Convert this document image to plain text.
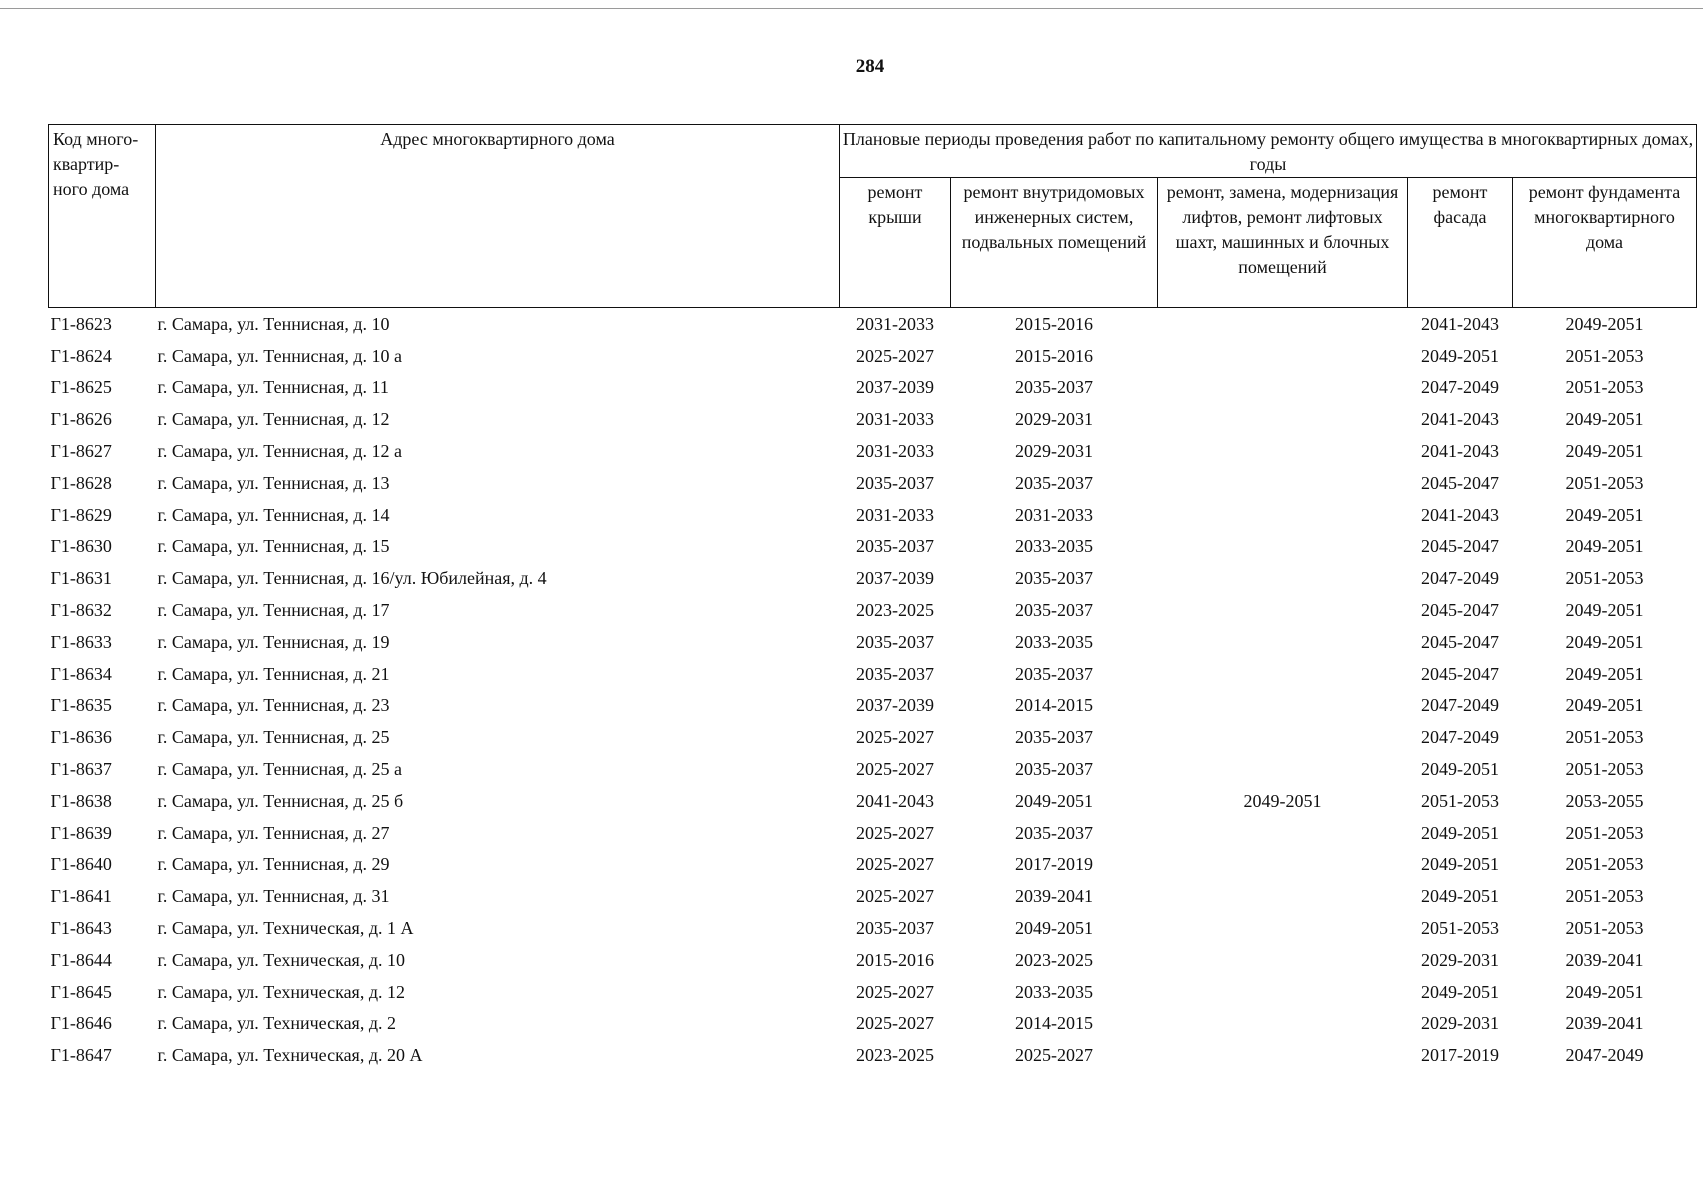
284
Код много-квартир-ного дома	Адрес многоквартирного дома	Плановые периоды проведения работ по капитальному ремонту общего имущества в многоквартирных домах, годы				
		ремонт крыши	ремонт внутридомовых инженерных систем, подвальных помещений	ремонт, замена, модернизация лифтов, ремонт лифтовых шахт, машинных и блочных помещений	ремонт фасада	ремонт фундамента многоквартирного дома
Г1-8623	г. Самара, ул. Теннисная, д. 10	2031-2033	2015-2016		2041-2043	2049-2051
Г1-8624	г. Самара, ул. Теннисная, д. 10 а	2025-2027	2015-2016		2049-2051	2051-2053
Г1-8625	г. Самара, ул. Теннисная, д. 11	2037-2039	2035-2037		2047-2049	2051-2053
Г1-8626	г. Самара, ул. Теннисная, д. 12	2031-2033	2029-2031		2041-2043	2049-2051
Г1-8627	г. Самара, ул. Теннисная, д. 12 а	2031-2033	2029-2031		2041-2043	2049-2051
Г1-8628	г. Самара, ул. Теннисная, д. 13	2035-2037	2035-2037		2045-2047	2051-2053
Г1-8629	г. Самара, ул. Теннисная, д. 14	2031-2033	2031-2033		2041-2043	2049-2051
Г1-8630	г. Самара, ул. Теннисная, д. 15	2035-2037	2033-2035		2045-2047	2049-2051
Г1-8631	г. Самара, ул. Теннисная, д. 16/ул. Юбилейная, д. 4	2037-2039	2035-2037		2047-2049	2051-2053
Г1-8632	г. Самара, ул. Теннисная, д. 17	2023-2025	2035-2037		2045-2047	2049-2051
Г1-8633	г. Самара, ул. Теннисная, д. 19	2035-2037	2033-2035		2045-2047	2049-2051
Г1-8634	г. Самара, ул. Теннисная, д. 21	2035-2037	2035-2037		2045-2047	2049-2051
Г1-8635	г. Самара, ул. Теннисная, д. 23	2037-2039	2014-2015		2047-2049	2049-2051
Г1-8636	г. Самара, ул. Теннисная, д. 25	2025-2027	2035-2037		2047-2049	2051-2053
Г1-8637	г. Самара, ул. Теннисная, д. 25 а	2025-2027	2035-2037		2049-2051	2051-2053
Г1-8638	г. Самара, ул. Теннисная, д. 25 б	2041-2043	2049-2051	2049-2051	2051-2053	2053-2055
Г1-8639	г. Самара, ул. Теннисная, д. 27	2025-2027	2035-2037		2049-2051	2051-2053
Г1-8640	г. Самара, ул. Теннисная, д. 29	2025-2027	2017-2019		2049-2051	2051-2053
Г1-8641	г. Самара, ул. Теннисная, д. 31	2025-2027	2039-2041		2049-2051	2051-2053
Г1-8643	г. Самара, ул. Техническая, д. 1 А	2035-2037	2049-2051		2051-2053	2051-2053
Г1-8644	г. Самара, ул. Техническая, д. 10	2015-2016	2023-2025		2029-2031	2039-2041
Г1-8645	г. Самара, ул. Техническая, д. 12	2025-2027	2033-2035		2049-2051	2049-2051
Г1-8646	г. Самара, ул. Техническая, д. 2	2025-2027	2014-2015		2029-2031	2039-2041
Г1-8647	г. Самара, ул. Техническая, д. 20 А	2023-2025	2025-2027		2017-2019	2047-2049
